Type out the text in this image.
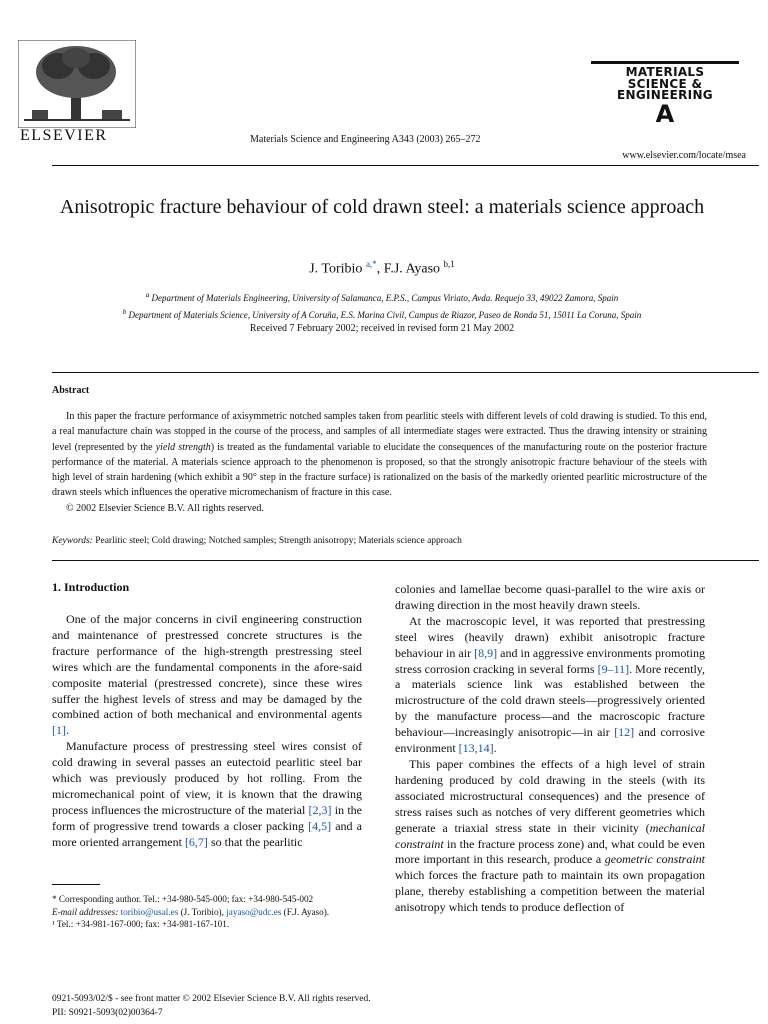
ELSEVIER	Materials Science and Engineering A343 (2003) 265–272
MATERIALS
SCIENCE &
ENGINEERING
A
www.elsevier.com/locate/msea
Anisotropic fracture behaviour of cold drawn steel: a materials science approach
J. Toribio $^{a,*}$, F.J. Ayaso $^{b,1}$
$^a$ Department of Materials Engineering, University of Salamanca, E.P.S., Campus Viriato, Avda. Requejo 33, 49022 Zamora, Spain
$^b$ Department of Materials Science, University of A Coruña, E.S. Marina Civil, Campus de Riazor, Paseo de Ronda 51, 15011 La Coruna, Spain
Received 7 February 2002; received in revised form 21 May 2002
Abstract

In this paper the fracture performance of axisymmetric notched samples taken from pearlitic steels with different levels of cold drawing is studied. To this end, a real manufacture chain was stopped in the course of the process, and samples of all intermediate stages were extracted. Thus the drawing intensity or straining level (represented by the yield strength) is treated as the fundamental variable to elucidate the consequences of the manufacturing route on the posterior fracture performance of the material. A materials science approach to the phenomenon is proposed, so that the strongly anisotropic fracture behaviour of the steels with high level of strain hardening (which exhibit a 90° step in the fracture surface) is rationalized on the basis of the markedly oriented pearlitic microstructure of the drawn steels which influences the operative micromechanism of fracture in this case.

© 2002 Elsevier Science B.V. All rights reserved.

Keywords: Pearlitic steel; Cold drawing; Notched samples; Strength anisotropy; Materials science approach
1. Introduction

One of the major concerns in civil engineering construction and maintenance of prestressed concrete structures is the fracture performance of the high-strength prestressing steel wires which are the fundamental components in the afore-said composite material (prestressed concrete), since these wires suffer the highest levels of stress and may be damaged by the combined action of both mechanical and environmental agents [1].

Manufacture process of prestressing steel wires consist of cold drawing in several passes an eutectoid pearlitic steel bar which was previously produced by hot rolling. From the micromechanical point of view, it is known that the drawing process influences the microstructure of the material [2,3] in the form of progressive trend towards a closer packing [4,5] and a more oriented arrangement [6,7] so that the pearlitic

* Corresponding author. Tel.: +34-980-545-000; fax: +34-980-545-002

E-mail addresses: toribio@usal.es (J. Toribio), jayaso@udc.es (F.J. Ayaso).

¹ Tel.: +34-981-167-000; fax: +34-981-167-101.

colonies and lamellae become quasi-parallel to the wire axis or drawing direction in the most heavily drawn steels.

At the macroscopic level, it was reported that prestressing steel wires (heavily drawn) exhibit anisotropic fracture behaviour in air [8,9] and in aggressive environments promoting stress corrosion cracking in several forms [9–11]. More recently, a materials science link was established between the microstructure of the cold drawn steels—progressively oriented by the manufacture process—and the macroscopic fracture behaviour—increasingly anisotropic—in air [12] and corrosive environment [13,14].

This paper combines the effects of a high level of strain hardening produced by cold drawing in the steels (with its associated microstructural consequences) and the presence of stress raises such as notches of very different geometries which generate a triaxial stress state in their vicinity (mechanical constraint in the fracture process zone) and, what could be even more important in this research, produce a geometric constraint which forces the fracture path to maintain its own propagation plane, thereby establishing a competition between the material anisotropy which tends to produce deflection of

0921-5093/02/$ - see front matter © 2002 Elsevier Science B.V. All rights reserved.

PII: S0921-5093(02)00364-7
